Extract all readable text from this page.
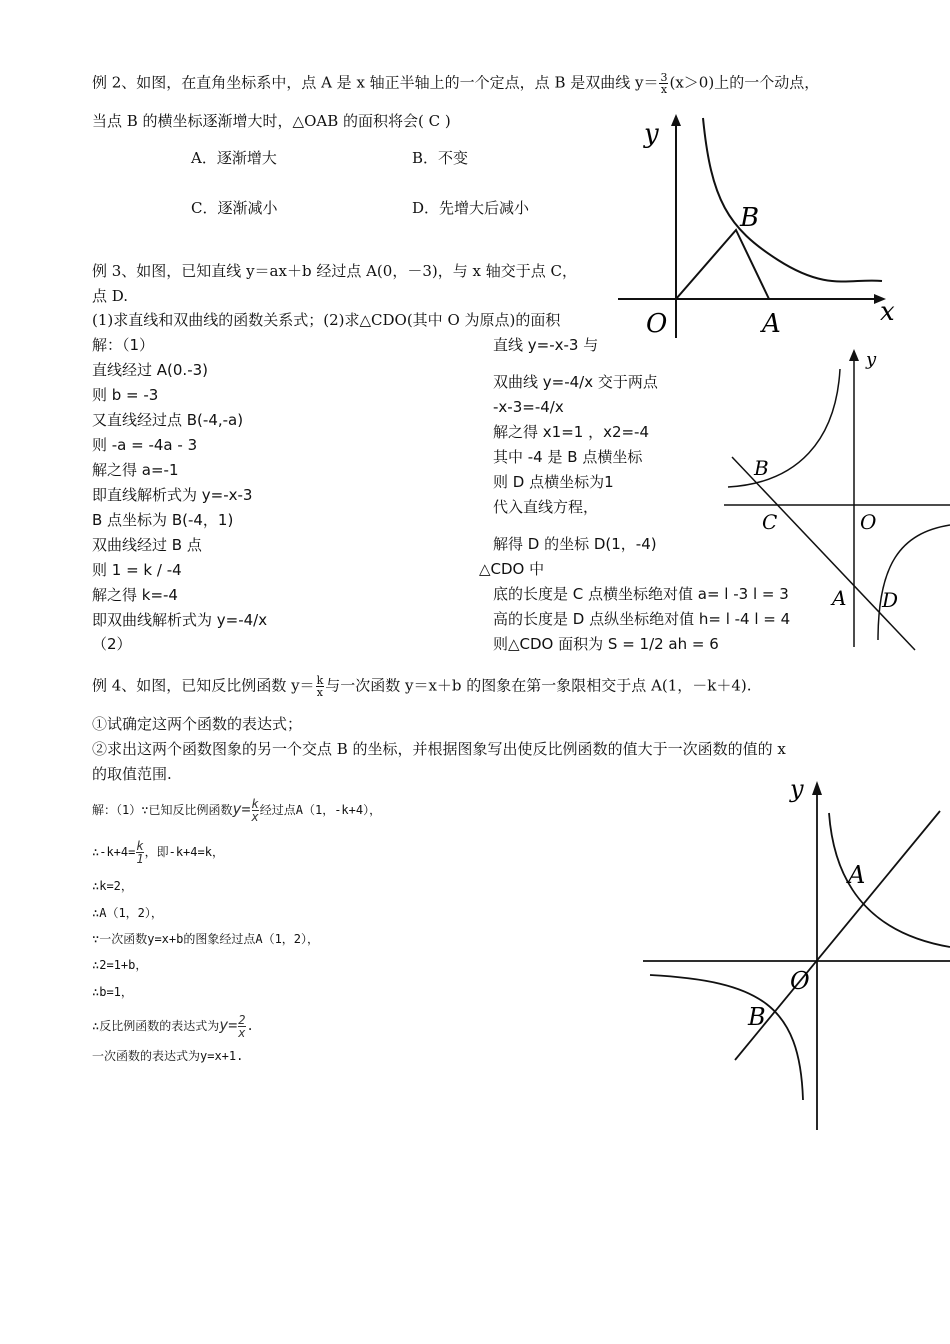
例 2、如图，在直角坐标系中，点 A 是 x 轴正半轴上的一个定点，点 B 是双曲线 $y= \frac{3}{x} (x>0)$上的一个动点，
当点 B 的横坐标逐渐增大时，△OAB 的面积将会( C )
A．逐渐增大	B．不变
C．逐渐减小	D．先增大后减小
y
x
O	A
B
例 3、如图，已知直线 y＝ax＋b 经过点 A(0，－3)，与 x 轴交于点 C，
点 D.
(1)求直线和双曲线的函数关系式；(2)求△CDO(其中 O 为原点)的面积
解：（1）
直线经过 A(0.-3)
则 b = -3
又直线经过点 B(-4,-a)
则 -a = -4a - 3
解之得 a=-1
即直线解析式为 y=-x-3
B 点坐标为 B(-4，1)
双曲线经过 B 点
则 1 = k / -4
解之得 k=-4
即双曲线解析式为 y=-4/x
（2）
直线 y=-x-3 与
双曲线 y=-4/x 交于两点
-x-3=-4/x
解之得 x1=1 ，x2=-4
其中 -4 是 B 点横坐标
则 D 点横坐标为1
代入直线方程，
解得 D 的坐标 D(1，-4)
△CDO 中
底的长度是 C 点横坐标绝对值 a= l -3 l = 3
高的长度是 D 点纵坐标绝对值 h= l -4 l = 4
则△CDO 面积为 S = 1/2 ah = 6
y
B
C	O
A D
例 4、如图，已知反比例函数 $y= \frac{k}{x}$ 与一次函数 y＝x＋b 的图象在第一象限相交于点 A(1，－k＋4).
①试确定这两个函数的表达式；
②求出这两个函数图象的另一个交点 B 的坐标，并根据图象写出使反比例函数的值大于一次函数的值的 x
的取值范围.
解：（1）∵已知反比例函数$y= \frac{k}{x}$ 经过点A（1，-k+4），
∴-k+4= $\frac{k}{1}$ ，即-k+4=k，
∴k=2，
∴A（1，2），
∵一次函数y=x+b的图象经过点A（1，2），
∴2=1+b，
∴b=1，
∴反比例函数的表达式为$y= \frac{2}{x}$ .
一次函数的表达式为y=x+1.
y
A
O
B
